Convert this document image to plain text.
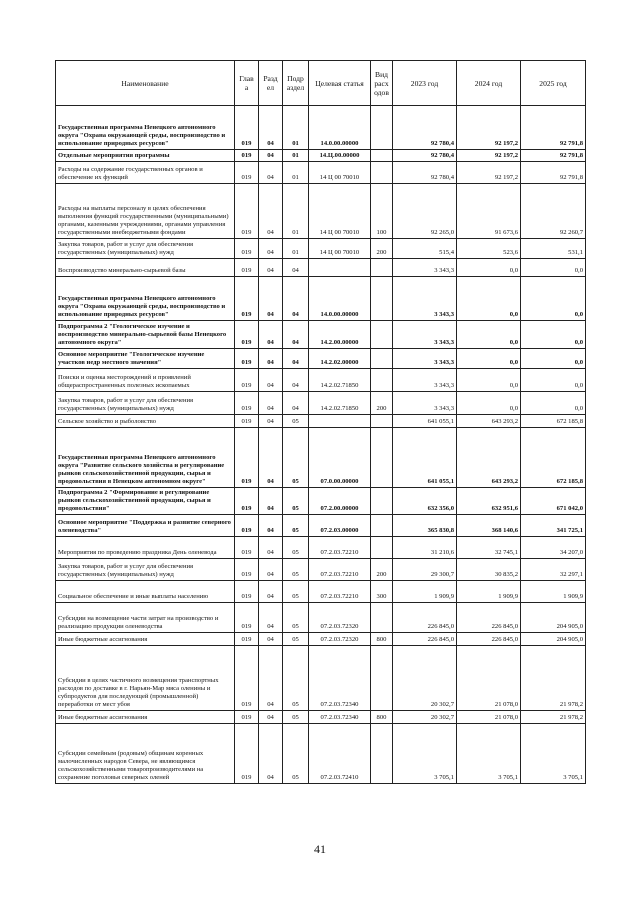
Наименование	Глав а	Разд ел	Подр аздел	Целевая статья	Вид расх одов	2023 год	2024 год	2025 год
Государственная программа Ненецкого автономного округа "Охрана окружающей среды, воспроизводство и использование природных ресурсов"	019	04	01	14.0.00.00000		92 780,4	92 197,2	92 791,8
Отдельные мероприятия программы	019	04	01	14.Ц.00.00000		92 780,4	92 197,2	92 791,8
Расходы на содержание государственных органов и обеспечение их функций	019	04	01	14 Ц 00 70010		92 780,4	92 197,2	92 791,8
Расходы на выплаты персоналу в целях обеспечения выполнения функций государственными (муниципальными) органами, казенными учреждениями, органами управления государственными внебюджетными фондами	019	04	01	14 Ц 00 70010	100	92 265,0	91 673,6	92 260,7
Закупка товаров, работ и услуг для обеспечения государственных (муниципальных) нужд	019	04	01	14 Ц 00 70010	200	515,4	523,6	531,1
Воспроизводство минерально-сырьевой базы	019	04	04			3 343,3	0,0	0,0
Государственная программа Ненецкого автономного округа "Охрана окружающей среды, воспроизводство и использование природных ресурсов"	019	04	04	14.0.00.00000		3 343,3	0,0	0,0
Подпрограмма 2 "Геологическое изучение и воспроизводство минерально-сырьевой базы Ненецкого автономного округа"	019	04	04	14.2.00.00000		3 343,3	0,0	0,0
Основное мероприятие "Геологическое изучение участков недр местного значения"	019	04	04	14.2.02.00000		3 343,3	0,0	0,0
Поиски и оценка месторождений и проявлений общераспространенных полезных ископаемых	019	04	04	14.2.02.71850		3 343,3	0,0	0,0
Закупка товаров, работ и услуг для обеспечения государственных (муниципальных) нужд	019	04	04	14.2.02.71850	200	3 343,3	0,0	0,0
Сельское хозяйство и рыболовство	019	04	05			641 055,1	643 293,2	672 185,8
Государственная программа Ненецкого автономного округа "Развитие сельского хозяйства и регулирование рынков сельскохозяйственной продукции, сырья и продовольствия в Ненецком автономном округе"	019	04	05	07.0.00.00000		641 055,1	643 293,2	672 185,8
Подпрограмма 2 "Формирование и регулирование рынков сельскохозяйственной продукции, сырья и продовольствия"	019	04	05	07.2.00.00000		632 356,0	632 951,6	671 042,0
Основное мероприятие "Поддержка и развитие северного оленеводства"	019	04	05	07.2.03.00000		365 830,8	368 140,6	341 725,1
Мероприятия по проведению праздника День оленевода	019	04	05	07.2.03.72210		31 210,6	32 745,1	34 207,0
Закупка товаров, работ и услуг для обеспечения государственных (муниципальных) нужд	019	04	05	07.2.03.72210	200	29 300,7	30 835,2	32 297,1
Социальное обеспечение и иные выплаты населению	019	04	05	07.2.03.72210	300	1 909,9	1 909,9	1 909,9
Субсидии на возмещение части затрат на производство и реализацию продукции оленеводства	019	04	05	07.2.03.72320		226 845,0	226 845,0	204 905,0
Иные бюджетные ассигнования	019	04	05	07.2.03.72320	800	226 845,0	226 845,0	204 905,0
Субсидии в целях частичного возмещения транспортных расходов по доставке в г. Нарьян-Мар мяса оленины и субпродуктов для последующей (промышленной) переработки от мест убоя	019	04	05	07.2.03.72340		20 302,7	21 078,0	21 978,2
Иные бюджетные ассигнования	019	04	05	07.2.03.72340	800	20 302,7	21 078,0	21 978,2
Субсидии семейным (родовым) общинам коренных малочисленных народов Севера, не являющимся сельскохозяйственными товаропроизводителями на сохранение поголовья северных оленей	019	04	05	07.2.03.72410		3 705,1	3 705,1	3 705,1
41
